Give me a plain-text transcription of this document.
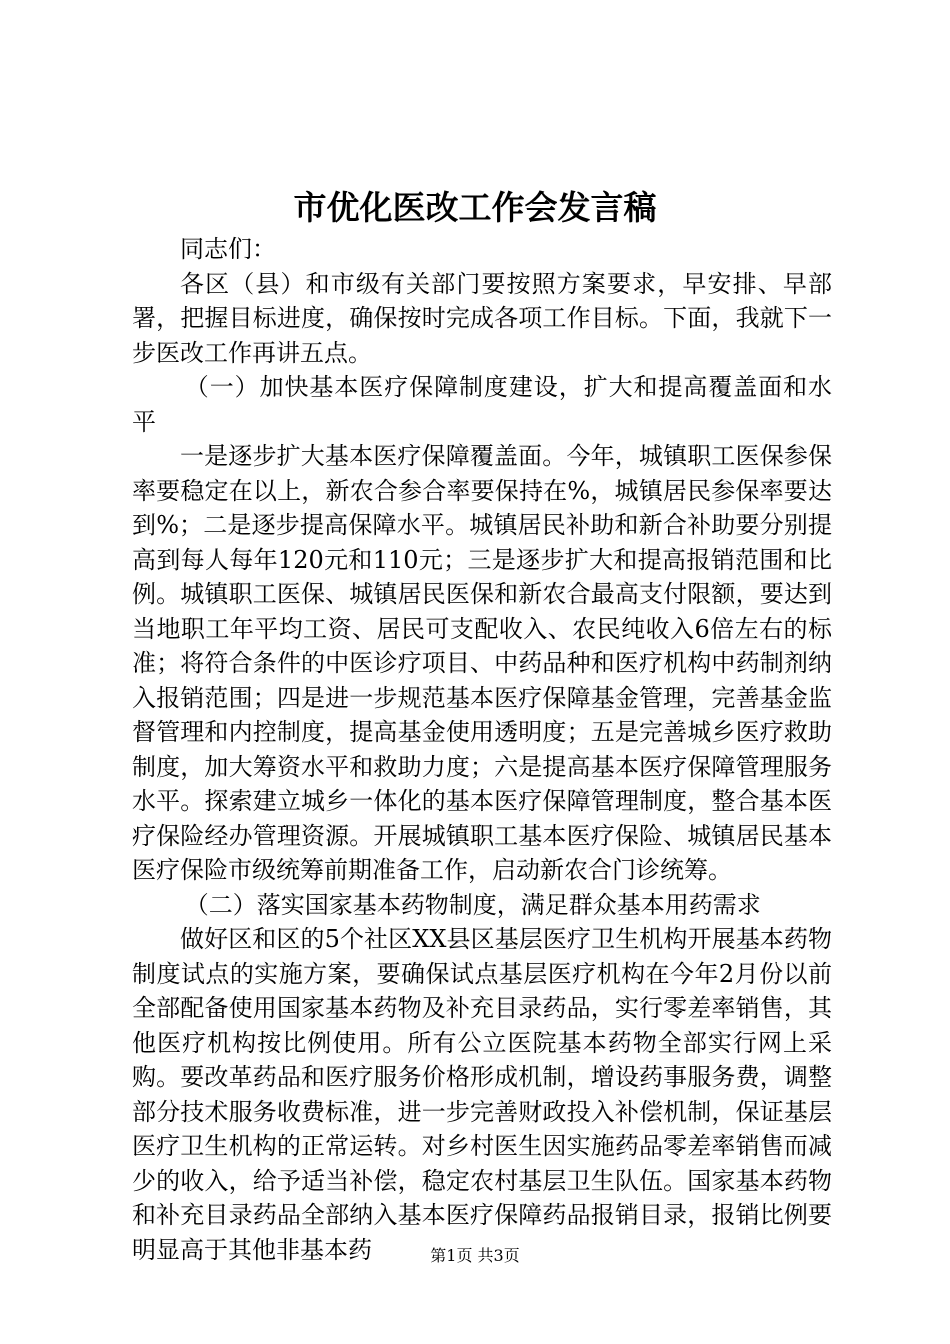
市优化医改工作会发言稿

同志们：

各区（县）和市级有关部门要按照方案要求，早安排、早部署，把握目标进度，确保按时完成各项工作目标。下面，我就下一步医改工作再讲五点。

（一）加快基本医疗保障制度建设，扩大和提高覆盖面和水平

一是逐步扩大基本医疗保障覆盖面。今年，城镇职工医保参保率要稳定在以上，新农合参合率要保持在%，城镇居民参保率要达到%；二是逐步提高保障水平。城镇居民补助和新合补助要分别提高到每人每年120元和110元；三是逐步扩大和提高报销范围和比例。城镇职工医保、城镇居民医保和新农合最高支付限额，要达到当地职工年平均工资、居民可支配收入、农民纯收入6倍左右的标准；将符合条件的中医诊疗项目、中药品种和医疗机构中药制剂纳入报销范围；四是进一步规范基本医疗保障基金管理，完善基金监督管理和内控制度，提高基金使用透明度；五是完善城乡医疗救助制度，加大筹资水平和救助力度；六是提高基本医疗保障管理服务水平。探索建立城乡一体化的基本医疗保障管理制度，整合基本医疗保险经办管理资源。开展城镇职工基本医疗保险、城镇居民基本医疗保险市级统筹前期准备工作，启动新农合门诊统筹。

（二）落实国家基本药物制度，满足群众基本用药需求

做好区和区的5个社区XX县区基层医疗卫生机构开展基本药物制度试点的实施方案，要确保试点基层医疗机构在今年2月份以前全部配备使用国家基本药物及补充目录药品，实行零差率销售，其他医疗机构按比例使用。所有公立医院基本药物全部实行网上采购。要改革药品和医疗服务价格形成机制，增设药事服务费，调整部分技术服务收费标准，进一步完善财政投入补偿机制，保证基层医疗卫生机构的正常运转。对乡村医生因实施药品零差率销售而减少的收入，给予适当补偿，稳定农村基层卫生队伍。国家基本药物和补充目录药品全部纳入基本医疗保障药品报销目录，报销比例要明显高于其他非基本药	第1页 共3页
